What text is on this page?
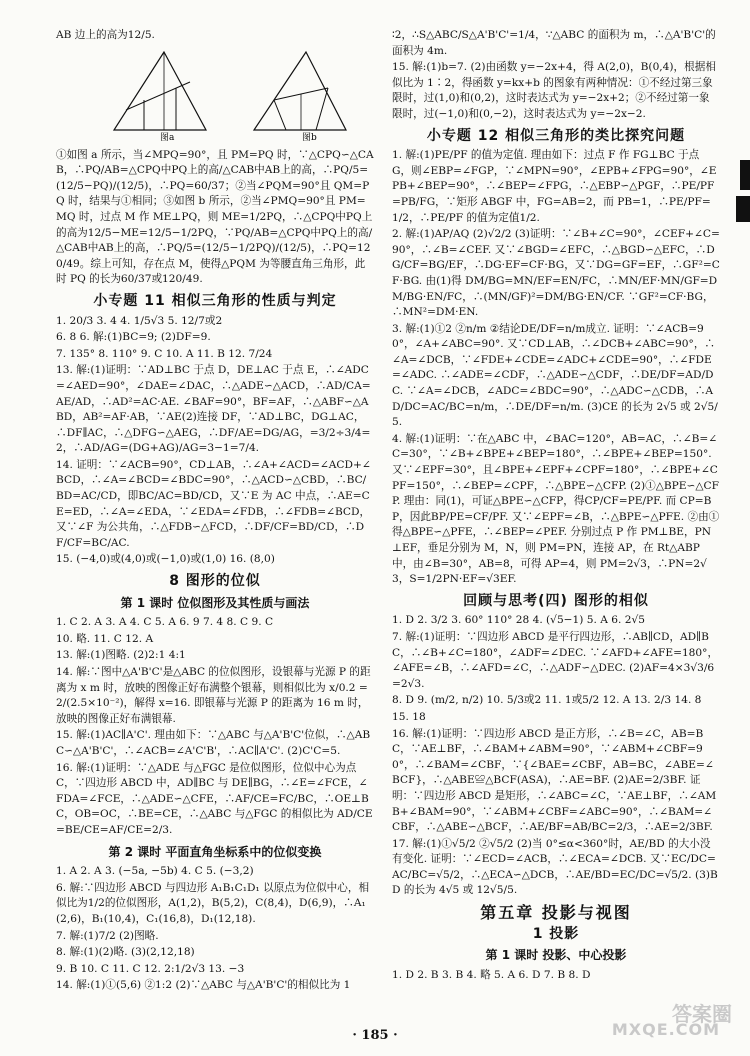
AB 边上的高为12/5.

图a	图b

①如图 a 所示，当∠MPQ=90°，且 PM=PQ 时，∵△CPQ∽△CAB，∴PQ/AB=△CPQ中PQ上的高/△CAB中AB上的高，∴PQ/5=(12/5−PQ)/(12/5)，∴PQ=60/37；②当∠PQM=90°且 QM=PQ 时，结果与①相同；③如图 b 所示，②当∠PMQ=90°且 PM=MQ 时，过点 M 作 ME⊥PQ，则 ME=1/2PQ，∴△CPQ中PQ上的高为12/5−ME=12/5−1/2PQ，∵PQ/AB=△CPQ中PQ上的高/△CAB中AB上的高，∴PQ/5=(12/5−1/2PQ)/(12/5)，∴PQ=120/49。综上可知，存在点 M，使得△PQM 为等腰直角三角形，此时 PQ 的长为60/37或120/49.

小专题 11 相似三角形的性质与判定

1. 20/3 3. 4 4. 1/5√3 5. 12/7或2

6. 8 6. 解:(1)BC=9; (2)DF=9.

7. 135° 8. 110° 9. C 10. A 11. B 12. 7/24

13. 解:(1)证明：∵AD⊥BC 于点 D，DE⊥AC 于点 E，∴∠ADC=∠AED=90°，∠DAE=∠DAC，∴△ADE∽△ACD，∴AD/CA=AE/AD，∴AD²=AC·AE. ∠BAF=90°，BF=AF，∴△ABF∽△ABD，AB²=AF·AB，∵AE(2)连接 DF，∵AD⊥BC，DG⊥AC，∴DF∥AC，∴△DFG∽△AEG，∴DF/AE=DG/AG，=3/2÷3/4=2，∴AD/AG=(DG+AG)/AG=3−1=7/4.

14. 证明：∵∠ACB=90°，CD⊥AB，∴∠A+∠ACD=∠ACD+∠BCD，∴∠A=∠BCD=∠BDC=90°，∴△ACD∽△CBD，∴BC/BD=AC/CD，即BC/AC=BD/CD，又∵E 为 AC 中点，∴AE=CE=ED，∴∠A=∠EDA，∵∠EDA=∠FDB，∴∠FDB=∠BCD，又∵∠F 为公共角，∴△FDB∽△FCD，∴DF/CF=BD/CD，∴DF/CF=BC/AC.

15. (−4,0)或(4,0)或(−1,0)或(1,0) 16. (8,0)

8 图形的位似
第 1 课时 位似图形及其性质与画法

1. C 2. A 3. A 4. C 5. A 6. 9 7. 4 8. C 9. C

10. 略. 11. C 12. A

13. 解:(1)图略. (2)2:1 4:1

14. 解:∵图中△A'B'C'是△ABC 的位似图形，设银幕与光源 P 的距离为 x m 时，放映的图像正好布满整个银幕，则相似比为 x/0.2 =2/(2.5×10⁻²)，解得 x=16. 即银幕与光源 P 的距离为 16 m 时，放映的图像正好布满银幕.

15. 解:(1)AC∥A'C'. 理由如下：∵△ABC 与△A'B'C'位似，∴△ABC∽△A'B'C'，∴∠ACB=∠A'C'B'，∴AC∥A'C'. (2)C'C=5.

16. 解:(1)证明：∵△ADE 与△FGC 是位似图形，位似中心为点 C，∵四边形 ABCD 中，AD∥BC 与 DE∥BG，∴∠E=∠FCE，∠FDA=∠FCE，∴△ADE∽△CFE，∴AF/CE=FC/BC，∴OE⊥BC，OB=OC，∴BE=CE，∴△ABC 与△FGC 的相似比为 AD/CE=BE/CE=AF/CE=2/3.

第 2 课时 平面直角坐标系中的位似变换

1. A 2. A 3. (−5a, −5b) 4. C 5. (−3,2)

6. 解:∵四边形 ABCD 与四边形 A₁B₁C₁D₁ 以原点为位似中心，相似比为1/2的位似图形，A(1,2)，B(5,2)，C(8,4)，D(6,9)，∴A₁(2,6)，B₁(10,4)，C₁(16,8)，D₁(12,18).

7. 解:(1)7/2 (2)图略.

8. 解:(1)(2)略. (3)(2,12,18)

9. B 10. C 11. C 12. 2:1/2√3 13. −3

14. 解:(1)①(5,6) ②1:2 (2)∵△ABC 与△A'B'C'的相似比为 1

∶2，∴S△ABC/S△A'B'C'=1/4，∵△ABC 的面积为 m，∴△A'B'C'的面积为 4m.

15. 解:(1)b=7. (2)由函数 y=−2x+4，得 A(2,0)，B(0,4)，根据相似比为 1∶2，得函数 y=kx+b 的图象有两种情况：①不经过第三象限时，过(1,0)和(0,2)，这时表达式为 y=−2x+2；②不经过第一象限时，过(−1,0)和(0,−2)，这时表达式为 y=−2x−2.

小专题 12 相似三角形的类比探究问题

1. 解:(1)PE/PF 的值为定值. 理由如下：过点 F 作 FG⊥BC 于点 G，则∠EBP=∠FGP，∵∠MPN=90°，∠EPB+∠FPG=90°，∠EPB+∠BEP=90°，∴∠BEP=∠FPG，∴△EBP∽△PGF，∴PE/PF=PB/FG，∵矩形 ABGF 中，FG=AB=2，而 PB=1，∴PE/PF=1/2，∴PE/PF 的值为定值1/2.

2. 解:(1)AP/AQ (2)√2/2 (3)证明：∵∠B+∠C=90°，∠CEF+∠C=90°，∴∠B=∠CEF. 又∵∠BGD=∠EFC，∴△BGD∽△EFC，∴DG/CF=BG/EF，∴DG·EF=CF·BG，又∵DG=GF=EF，∴GF²=CF·BG. 由(1)得 DM/BG=MN/EF=EN/FC，∴MN/EF·MN/GF=DM/BG·EN/FC，∴(MN/GF)²=DM/BG·EN/CF. ∵GF²=CF·BG，∴MN²=DM·EN.

3. 解:(1)①2 ②n/m ②结论DE/DF=n/m成立. 证明：∵∠ACB=90°，∠A+∠ABC=90°. 又∵CD⊥AB，∴∠DCB+∠ABC=90°，∴∠A=∠DCB，∵∠FDE+∠CDE=∠ADC+∠CDE=90°，∴∠FDE=∠ADC. ∴∠ADE=∠CDF，∴△ADE∽△CDF，∴DE/DF=AD/DC. ∵∠A=∠DCB，∠ADC=∠BDC=90°，∴△ADC∽△CDB，∴AD/DC=AC/BC=n/m，∴DE/DF=n/m. (3)CE 的长为 2√5 或 2√5/5.

4. 解:(1)证明：∵在△ABC 中，∠BAC=120°，AB=AC，∴∠B=∠C=30°，∵∠B+∠BPE+∠BEP=180°，∴∠BPE+∠BEP=150°. 又∵∠EPF=30°，且∠BPE+∠EPF+∠CPF=180°，∴∠BPE+∠CPF=150°，∴∠BEP=∠CPF，∴△BPE∽△CFP. (2)①△BPE∽△CFP. 理由：同(1)，可证△BPE∽△CFP，得CP/CF=PE/PF. 而 CP=BP，因此BP/PE=CF/PF. 又∵∠EPF=∠B，∴△BPE∽△PFE. ②由①得△BPE∽△PFE，∴∠BEP=∠PEF. 分别过点 P 作 PM⊥BE，PN⊥EF，垂足分别为 M，N，则 PM=PN，连接 AP，在 Rt△ABP 中，由∠B=30°，AB=8，可得 AP=4，则 PM=2√3，∴PN=2√3，S=1/2PN·EF=√3EF.

回顾与思考(四) 图形的相似

1. D 2. 3/2 3. 60° 110° 28 4. (√5−1) 5. A 6. 2√5

7. 解:(1)证明：∵四边形 ABCD 是平行四边形，∴AB∥CD，AD∥BC，∴∠B+∠C=180°，∠ADF=∠DEC. ∵∠AFD+∠AFE=180°，∠AFE=∠B，∴∠AFD=∠C，∴△ADF∽△DEC. (2)AF=4×3√3/6=2√3.

8. D 9. (m/2, n/2) 10. 5/3或2 11. 1或5/2 12. A 13. 2/3 14. 8

15. 18

16. 解:(1)证明：∵四边形 ABCD 是正方形，∴∠B=∠C，AB=BC，∵AE⊥BF，∴∠BAM+∠ABM=90°，∵∠ABM+∠CBF=90°，∴∠BAM=∠CBF，∵{∠BAE=∠CBF，AB=BC，∠ABE=∠BCF}，∴△ABE≌△BCF(ASA)，∴AE=BF. (2)AE=2/3BF. 证明：∵四边形 ABCD 是矩形，∴∠ABC=∠C，∵AE⊥BF，∴∠AMB+∠BAM=90°，∵∠ABM+∠CBF=∠ABC=90°，∴∠BAM=∠CBF，∴△ABE∽△BCF，∴AE/BF=AB/BC=2/3，∴AE=2/3BF.

17. 解:(1)①√5/2 ②√5/2 (2)当 0°≤α<360°时，AE/BD 的大小没有变化. 证明：∵∠ECD=∠ACB，∴∠ECA=∠DCB. 又∵EC/DC=AC/BC=√5/2，∴△ECA∽△DCB，∴AE/BD=EC/DC=√5/2. (3)BD 的长为 4√5 或 12√5/5.

第五章 投影与视图
1 投影
第 1 课时 投影、中心投影

1. D 2. B 3. B 4. 略 5. A 6. D 7. B 8. D

· 185 ·
答案圈
MXQE.COM
